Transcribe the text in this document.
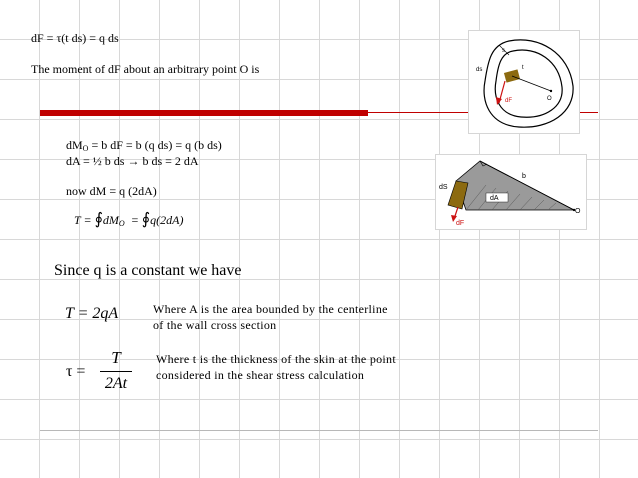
dF = τ(t ds) = q ds
The moment of dF about an arbitrary point O is
s
t
ds
O
dF
$dM_O = b$ dF = b (q ds) = q (b ds)
dA = ½ b ds → b ds = 2 dA
now dM = q (2dA)
$T = ∮dM_O$ = ∮q(2dA)
dA
b
dS
O
dF
Since q is a constant we have
T = 2qA	Where A is the area bounded by the centerline
of the wall cross section
τ =
T
2At
Where t is the thickness of the skin at the point
considered in the shear stress calculation
